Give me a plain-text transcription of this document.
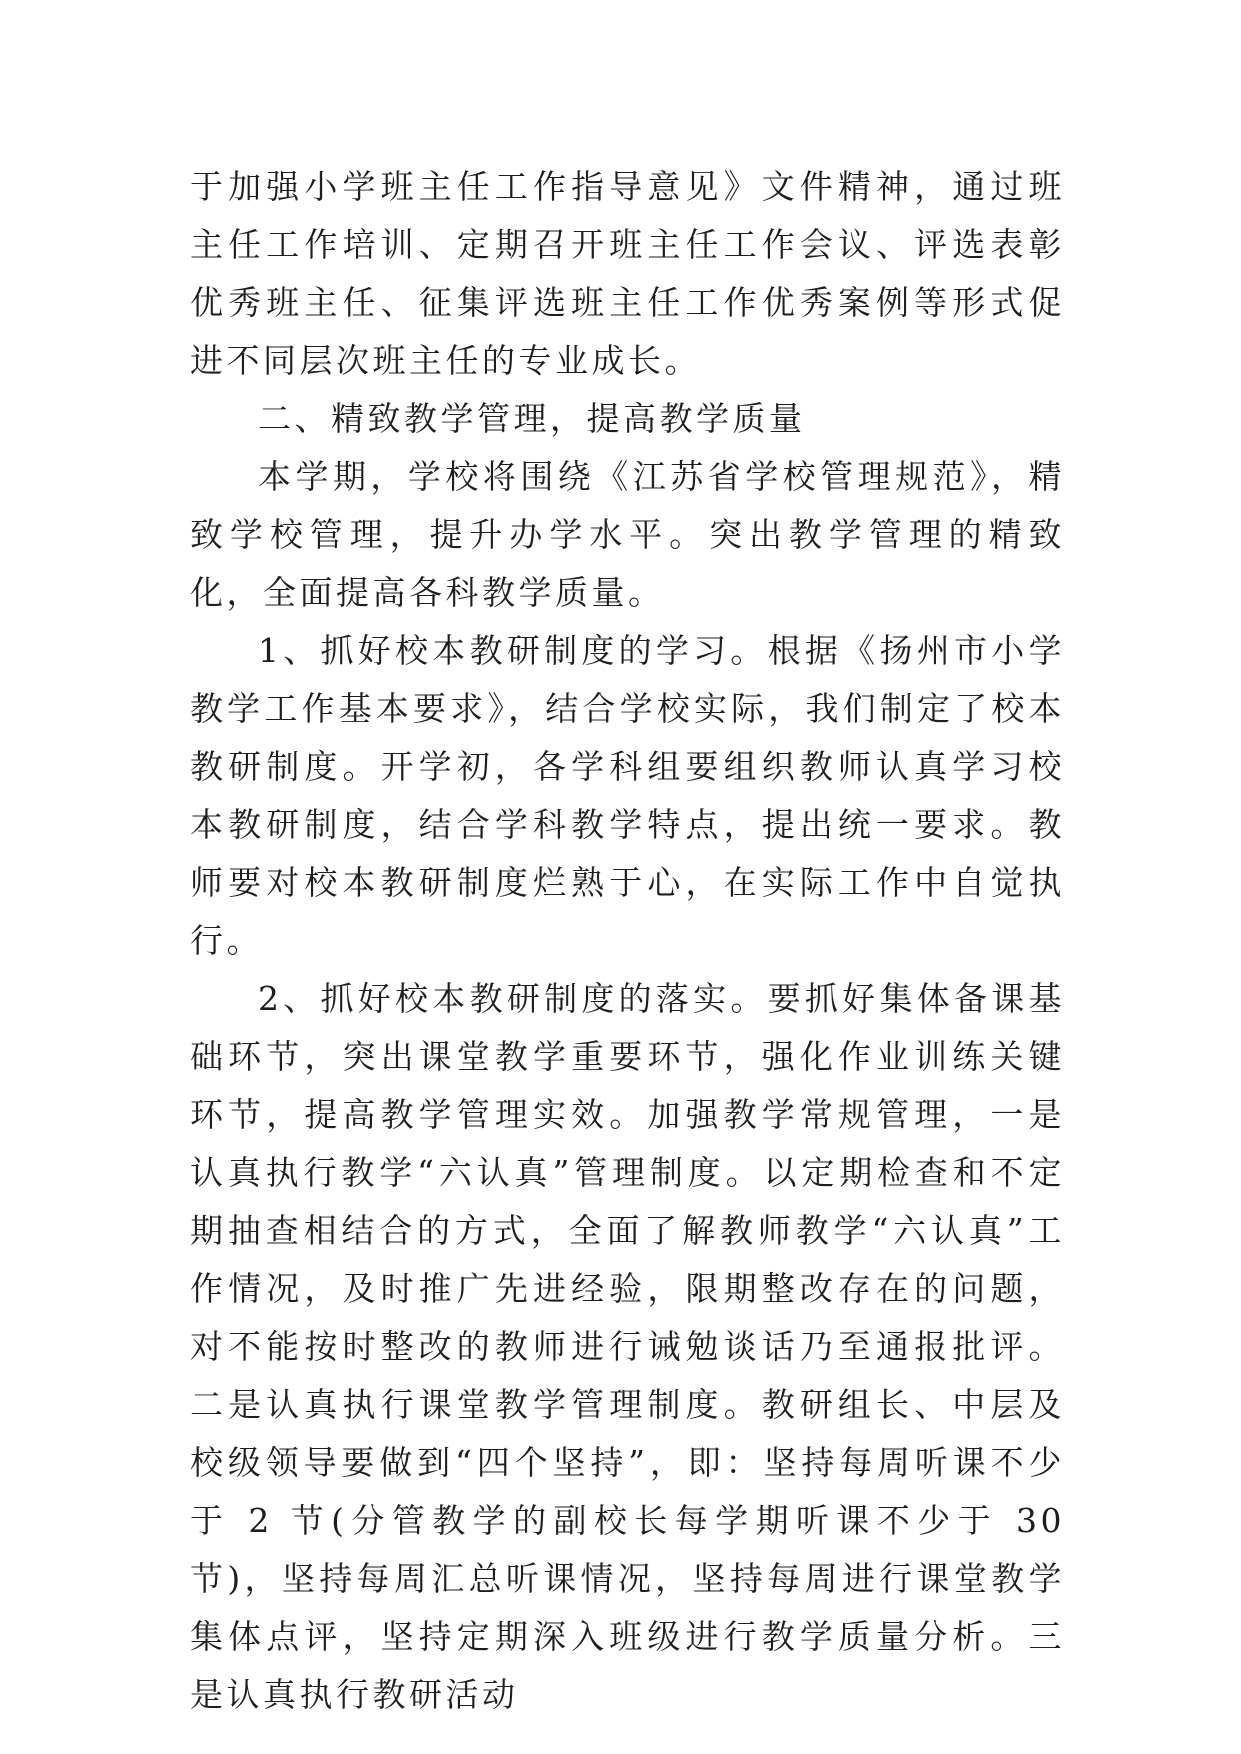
于加强小学班主任工作指导意见》文件精神，通过班主任工作培训、定期召开班主任工作会议、评选表彰优秀班主任、征集评选班主任工作优秀案例等形式促进不同层次班主任的专业成长。

二、精致教学管理，提高教学质量

本学期，学校将围绕《江苏省学校管理规范》，精致学校管理，提升办学水平。突出教学管理的精致化，全面提高各科教学质量。

1、抓好校本教研制度的学习。根据《扬州市小学教学工作基本要求》，结合学校实际，我们制定了校本教研制度。开学初，各学科组要组织教师认真学习校本教研制度，结合学科教学特点，提出统一要求。教师要对校本教研制度烂熟于心，在实际工作中自觉执行。

2、抓好校本教研制度的落实。要抓好集体备课基础环节，突出课堂教学重要环节，强化作业训练关键环节，提高教学管理实效。加强教学常规管理，一是认真执行教学“六认真”管理制度。以定期检查和不定期抽查相结合的方式，全面了解教师教学“六认真”工作情况，及时推广先进经验，限期整改存在的问题，对不能按时整改的教师进行诫勉谈话乃至通报批评。二是认真执行课堂教学管理制度。教研组长、中层及校级领导要做到“四个坚持”，即：坚持每周听课不少于 2 节(分管教学的副校长每学期听课不少于 30 节)，坚持每周汇总听课情况，坚持每周进行课堂教学集体点评，坚持定期深入班级进行教学质量分析。三是认真执行教研活动
